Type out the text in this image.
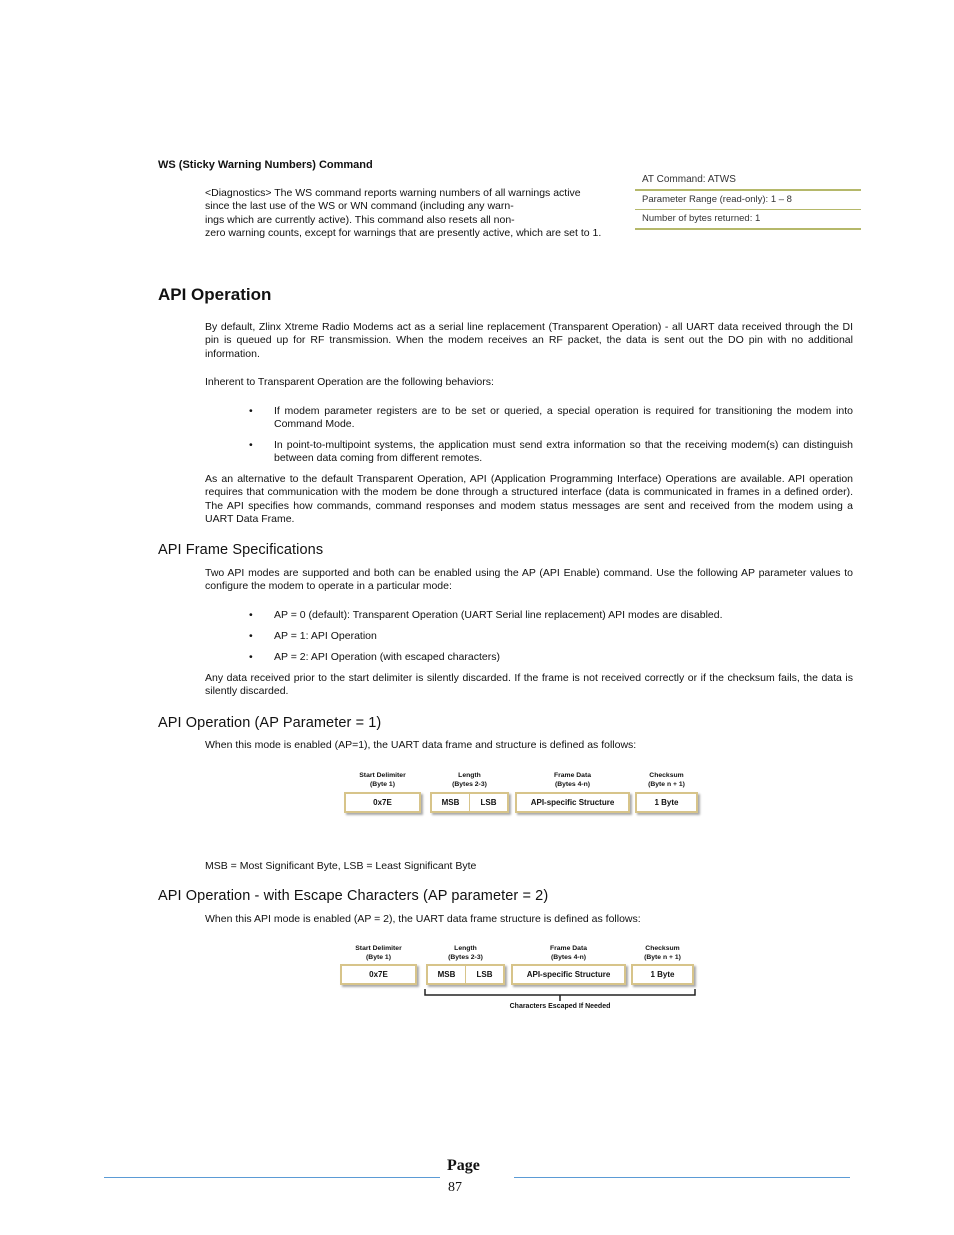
WS (Sticky Warning Numbers) Command
<Diagnostics> The WS command reports warning numbers of all warnings active
since the last use of the WS or WN command (including any warn-
ings which are currently active). This command also resets all non-
zero warning counts, except for warnings that are presently active, which are set to 1.
AT Command: ATWS
Parameter Range (read-only): 1 – 8
Number of bytes returned: 1
API Operation
By default, Zlinx Xtreme Radio Modems act as a serial line replacement (Transparent Operation) - all UART data received through the DI pin is queued up for RF transmission. When the modem receives an RF packet, the data is sent out the DO pin with no additional information.
Inherent to Transparent Operation are the following behaviors:
• If modem parameter registers are to be set or queried, a special operation is required for transitioning the modem into Command Mode.
• In point-to-multipoint systems, the application must send extra information so that the receiving modem(s) can distinguish between data coming from different remotes.
As an alternative to the default Transparent Operation, API (Application Programming Interface) Operations are available. API operation requires that communication with the modem be done through a structured interface (data is communicated in frames in a defined order). The API specifies how commands, command responses and modem status messages are sent and received from the modem using a UART Data Frame.
API Frame Specifications
Two API modes are supported and both can be enabled using the AP (API Enable) command. Use the following AP parameter values to configure the modem to operate in a particular mode:
• AP = 0 (default): Transparent Operation (UART Serial line replacement) API modes are disabled.
• AP = 1: API Operation
• AP = 2: API Operation (with escaped characters)
Any data received prior to the start delimiter is silently discarded. If the frame is not received correctly or if the checksum fails, the data is silently discarded.
API Operation (AP Parameter = 1)
When this mode is enabled (AP=1), the UART data frame and structure is defined as follows:
Start Delimiter
(Byte 1)
Length
(Bytes 2-3)
Frame Data
(Bytes 4-n)
Checksum
(Byte n + 1)
0x7E	MSB	LSB	API-specific Structure	1 Byte
MSB = Most Significant Byte, LSB = Least Significant Byte
API Operation - with Escape Characters (AP parameter = 2)
When this API mode is enabled (AP = 2), the UART data frame structure is defined as follows:
Start Delimiter
(Byte 1)
Length
(Bytes 2-3)
Frame Data
(Bytes 4-n)
Checksum
(Byte n + 1)
0x7E	MSB	LSB	API-specific Structure	1 Byte
Characters Escaped If Needed
Page
87
